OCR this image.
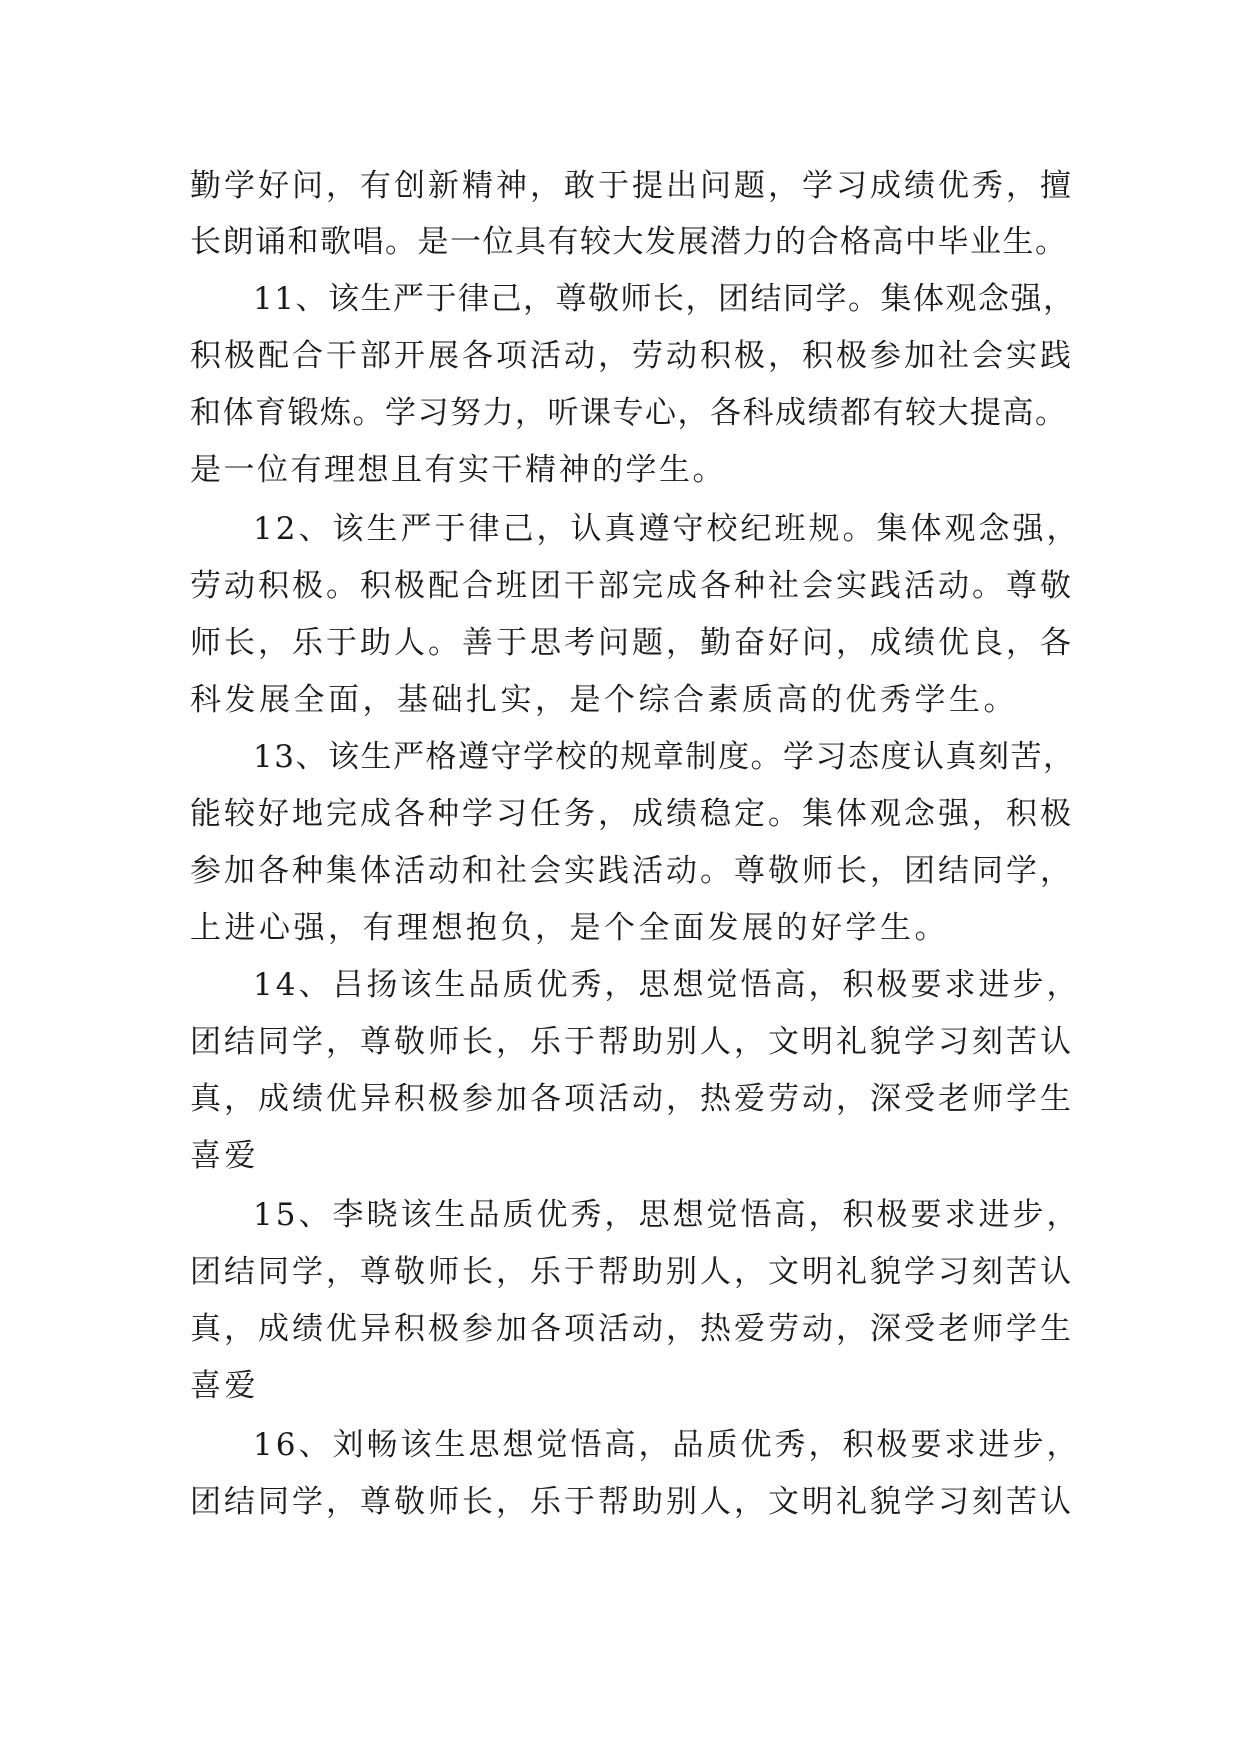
勤学好问，有创新精神，敢于提出问题，学习成绩优秀，擅
长朗诵和歌唱。是一位具有较大发展潜力的合格高中毕业生。
11、该生严于律己，尊敬师长，团结同学。集体观念强，
积极配合干部开展各项活动，劳动积极，积极参加社会实践
和体育锻炼。学习努力，听课专心，各科成绩都有较大提高。
是一位有理想且有实干精神的学生。
12、该生严于律己，认真遵守校纪班规。集体观念强，
劳动积极。积极配合班团干部完成各种社会实践活动。尊敬
师长，乐于助人。善于思考问题，勤奋好问，成绩优良，各
科发展全面，基础扎实，是个综合素质高的优秀学生。
13、该生严格遵守学校的规章制度。学习态度认真刻苦，
能较好地完成各种学习任务，成绩稳定。集体观念强，积极
参加各种集体活动和社会实践活动。尊敬师长，团结同学，
上进心强，有理想抱负，是个全面发展的好学生。
14、吕扬该生品质优秀，思想觉悟高，积极要求进步，
团结同学，尊敬师长，乐于帮助别人，文明礼貌学习刻苦认
真，成绩优异积极参加各项活动，热爱劳动，深受老师学生
喜爱
15、李晓该生品质优秀，思想觉悟高，积极要求进步，
团结同学，尊敬师长，乐于帮助别人，文明礼貌学习刻苦认
真，成绩优异积极参加各项活动，热爱劳动，深受老师学生
喜爱
16、刘畅该生思想觉悟高，品质优秀，积极要求进步，
团结同学，尊敬师长，乐于帮助别人，文明礼貌学习刻苦认
